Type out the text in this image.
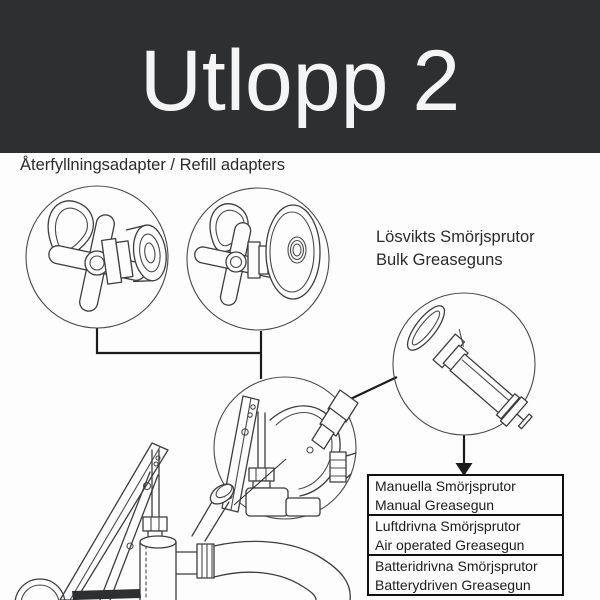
Utlopp 2
Återfyllningsadapter / Refill adapters
Lösvikts Smörjsprutor
Bulk Greaseguns
Manuella Smörjsprutor
Manual Greasegun
Luftdrivna Smörjsprutor
Air operated Greasegun
Batteridrivna Smörjsprutor
Batterydriven Greasegun
